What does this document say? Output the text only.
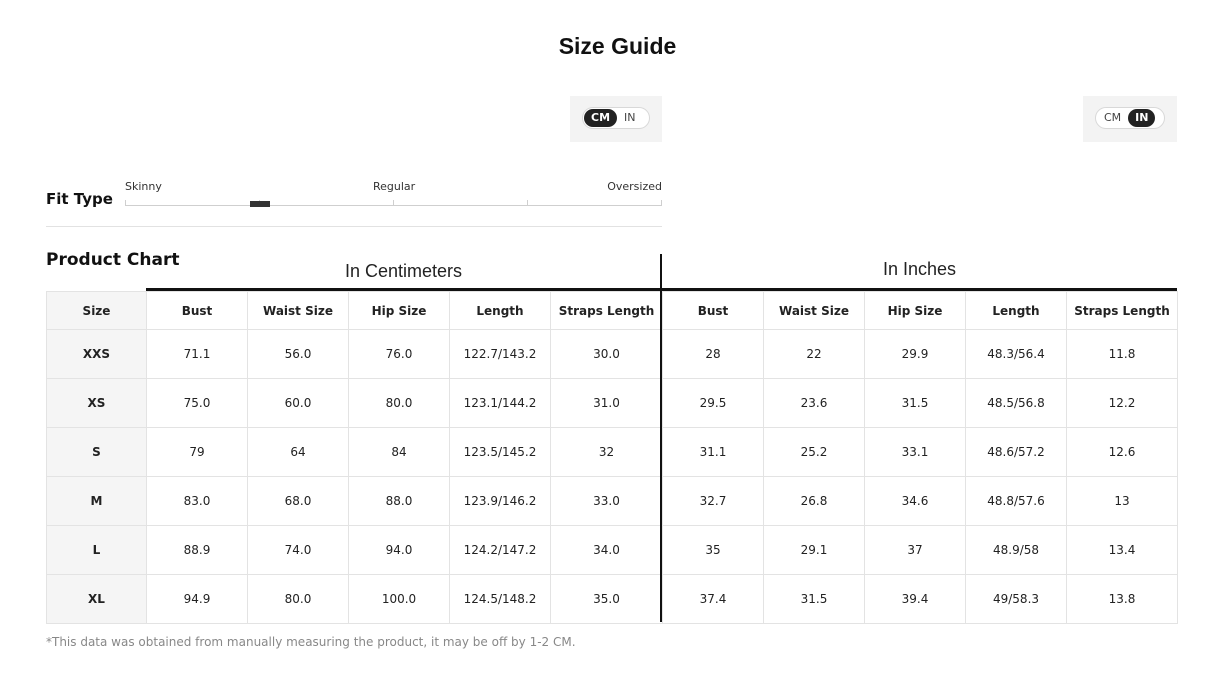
Size Guide
CM	IN	CM	IN
Fit Type
Skinny	Regular	Oversized
Product Chart
In Centimeters	In Inches
Size	Bust	Waist Size	Hip Size	Length	Straps Length	Bust	Waist Size	Hip Size	Length	Straps Length
XXS	71.1	56.0	76.0	122.7/143.2	30.0	28	22	29.9	48.3/56.4	11.8
XS	75.0	60.0	80.0	123.1/144.2	31.0	29.5	23.6	31.5	48.5/56.8	12.2
S	79	64	84	123.5/145.2	32	31.1	25.2	33.1	48.6/57.2	12.6
M	83.0	68.0	88.0	123.9/146.2	33.0	32.7	26.8	34.6	48.8/57.6	13
L	88.9	74.0	94.0	124.2/147.2	34.0	35	29.1	37	48.9/58	13.4
XL	94.9	80.0	100.0	124.5/148.2	35.0	37.4	31.5	39.4	49/58.3	13.8
*This data was obtained from manually measuring the product, it may be off by 1-2 CM.
